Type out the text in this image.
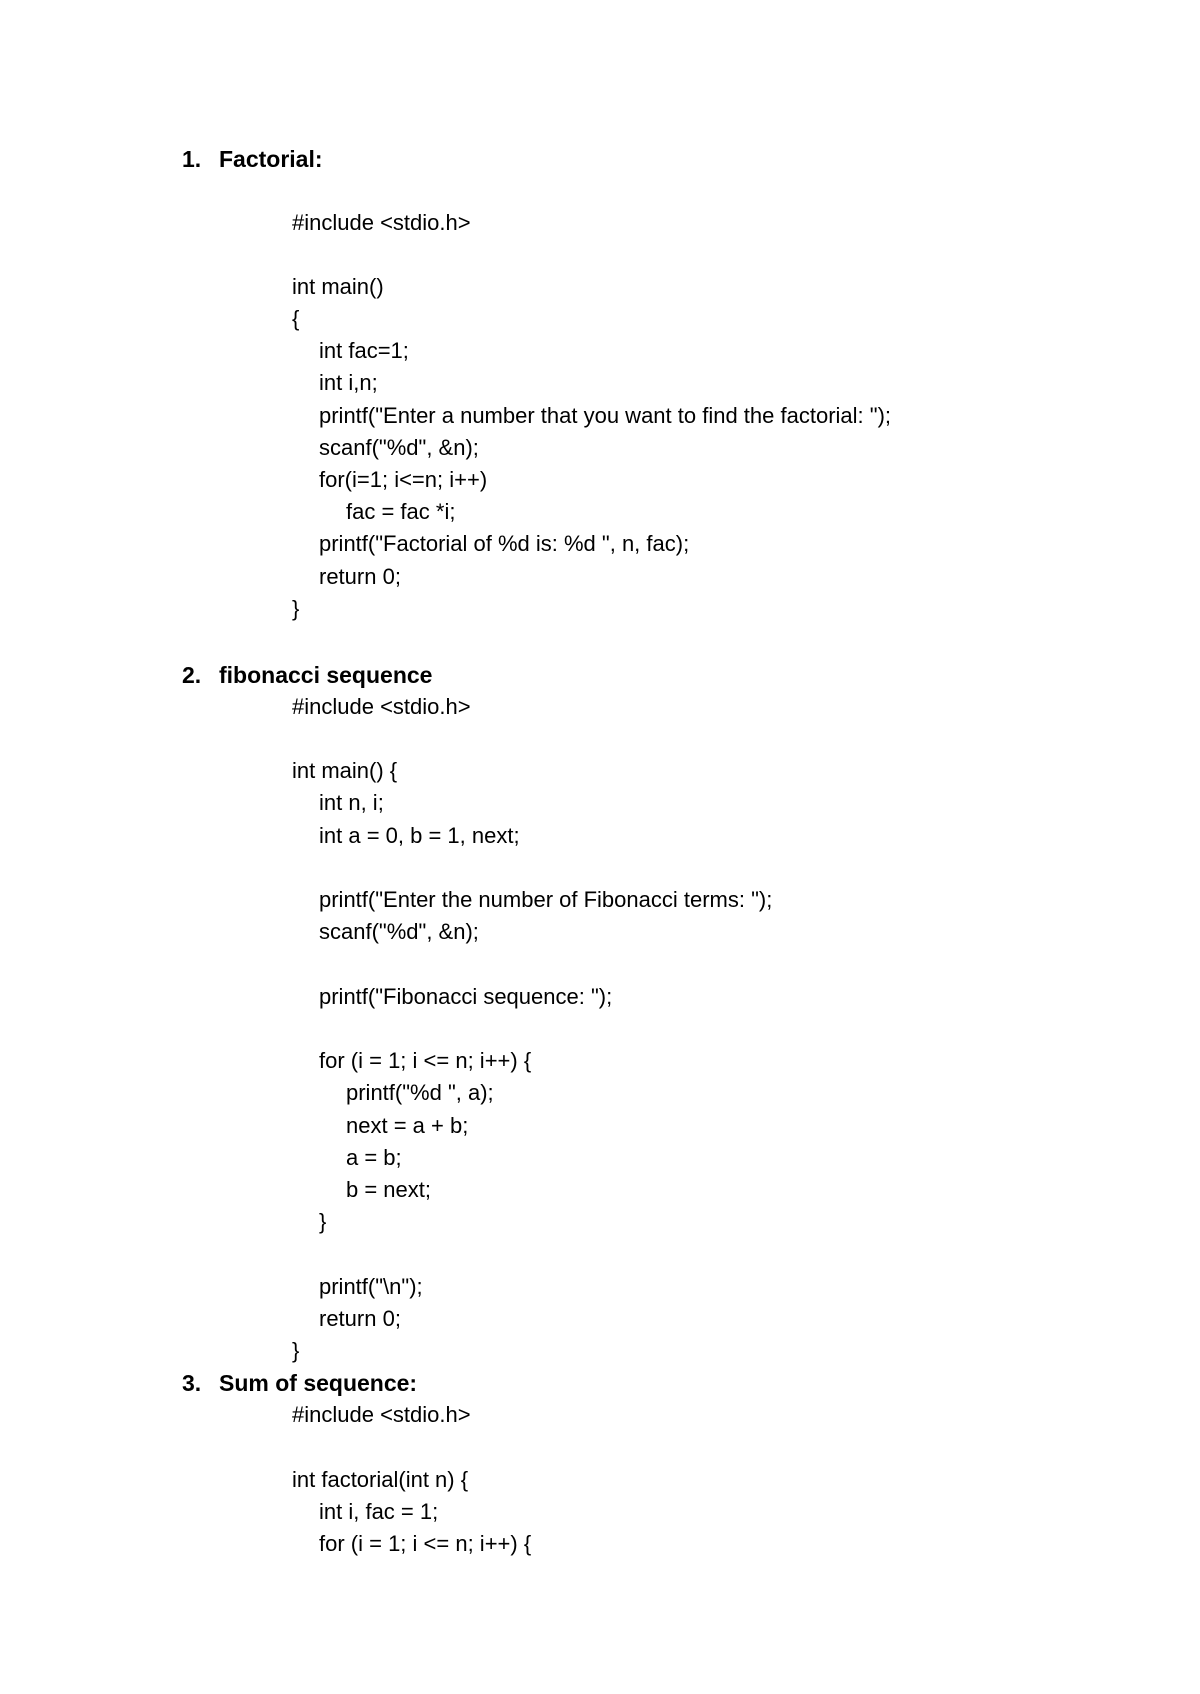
1. Factorial:
#include <stdio.h>
int main()
{
int fac=1;
int i,n;
printf("Enter a number that you want to find the factorial: ");
scanf("%d", &n);
for(i=1; i<=n; i++)
fac = fac *i;
printf("Factorial of %d is: %d ", n, fac);
return 0;
}
2. fibonacci sequence
#include <stdio.h>
int main() {
int n, i;
int a = 0, b = 1, next;
printf("Enter the number of Fibonacci terms: ");
scanf("%d", &n);
printf("Fibonacci sequence: ");
for (i = 1; i <= n; i++) {
printf("%d ", a);
next = a + b;
a = b;
b = next;
}
printf("\n");
return 0;
}
3. Sum of sequence:
#include <stdio.h>
int factorial(int n) {
int i, fac = 1;
for (i = 1; i <= n; i++) {
